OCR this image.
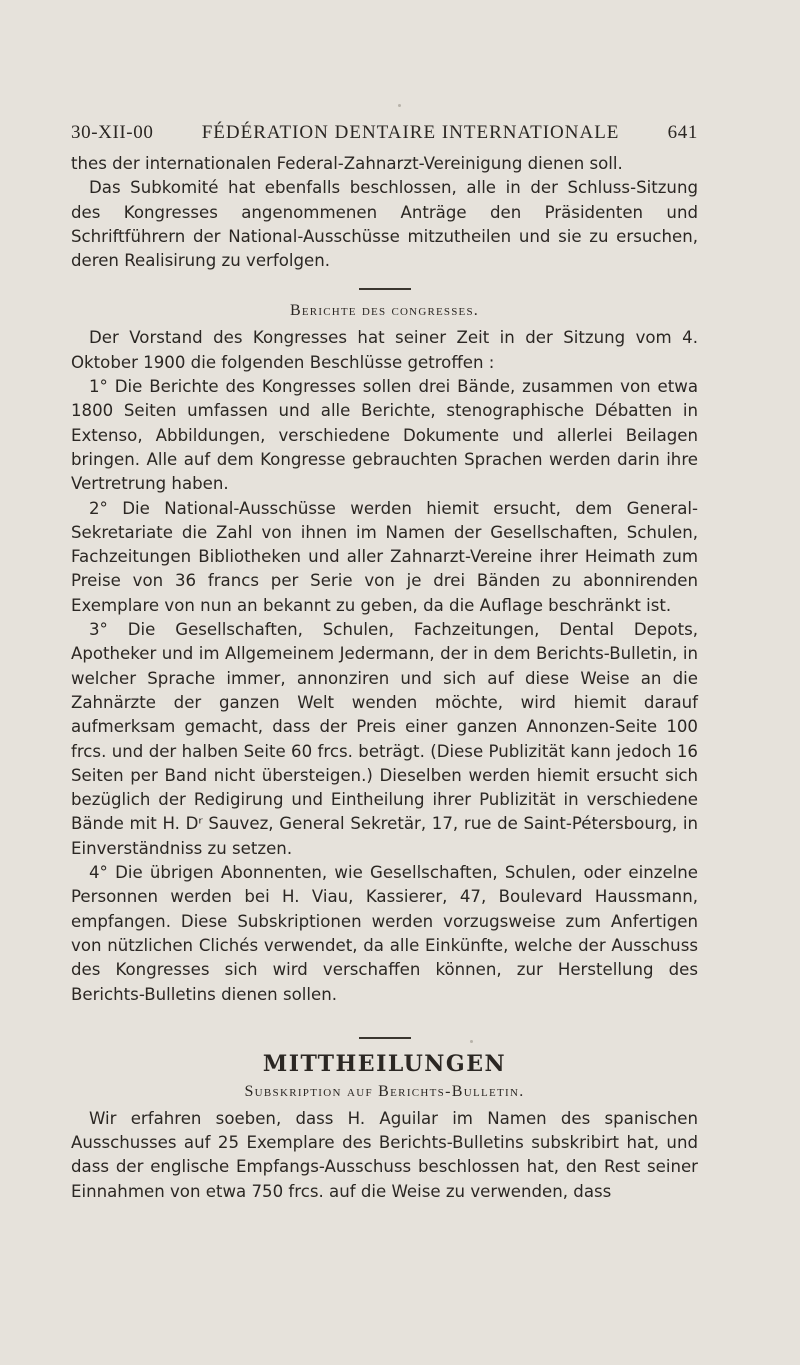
30-XII-00	FÉDÉRATION DENTAIRE INTERNATIONALE	641

thes der internationalen Federal-Zahnarzt-Vereinigung dienen soll.

Das Subkomité hat ebenfalls beschlossen, alle in der Schluss-Sitzung des Kongresses angenommenen Anträge den Präsidenten und Schriftführern der National-Ausschüsse mitzutheilen und sie zu ersuchen, deren Realisirung zu verfolgen.

Berichte des congresses.

Der Vorstand des Kongresses hat seiner Zeit in der Sitzung vom 4. Oktober 1900 die folgenden Beschlüsse getroffen :

1° Die Berichte des Kongresses sollen drei Bände, zusammen von etwa 1800 Seiten umfassen und alle Berichte, stenographische Débatten in Extenso, Abbildungen, verschiedene Dokumente und allerlei Beilagen bringen. Alle auf dem Kongresse gebrauchten Sprachen werden darin ihre Vertretrung haben.

2° Die National-Ausschüsse werden hiemit ersucht, dem General-Sekretariate die Zahl von ihnen im Namen der Gesellschaften, Schulen, Fachzeitungen Bibliotheken und aller Zahnarzt-Vereine ihrer Heimath zum Preise von 36 francs per Serie von je drei Bänden zu abonnirenden Exemplare von nun an bekannt zu geben, da die Auflage beschränkt ist.

3° Die Gesellschaften, Schulen, Fachzeitungen, Dental Depots, Apotheker und im Allgemeinem Jedermann, der in dem Berichts-Bulletin, in welcher Sprache immer, annonziren und sich auf diese Weise an die Zahnärzte der ganzen Welt wenden möchte, wird hiemit darauf aufmerksam gemacht, dass der Preis einer ganzen Annonzen-Seite 100 frcs. und der halben Seite 60 frcs. beträgt. (Diese Publizität kann jedoch 16 Seiten per Band nicht übersteigen.) Dieselben werden hiemit ersucht sich bezüglich der Redigirung und Eintheilung ihrer Publizität in verschiedene Bände mit H. Dʳ Sauvez, General Sekretär, 17, rue de Saint-Pétersbourg, in Einverständniss zu setzen.

4° Die übrigen Abonnenten, wie Gesellschaften, Schulen, oder einzelne Personnen werden bei H. Viau, Kassierer, 47, Boulevard Haussmann, empfangen. Diese Subskriptionen werden vorzugsweise zum Anfertigen von nützlichen Clichés verwendet, da alle Einkünfte, welche der Ausschuss des Kongresses sich wird verschaffen können, zur Herstellung des Berichts-Bulletins dienen sollen.

MITTHEILUNGEN
Subskription auf Berichts-Bulletin.

Wir erfahren soeben, dass H. Aguilar im Namen des spanischen Ausschusses auf 25 Exemplare des Berichts-Bulletins subskribirt hat, und dass der englische Empfangs-Ausschuss beschlossen hat, den Rest seiner Einnahmen von etwa 750 frcs. auf die Weise zu verwenden, dass
